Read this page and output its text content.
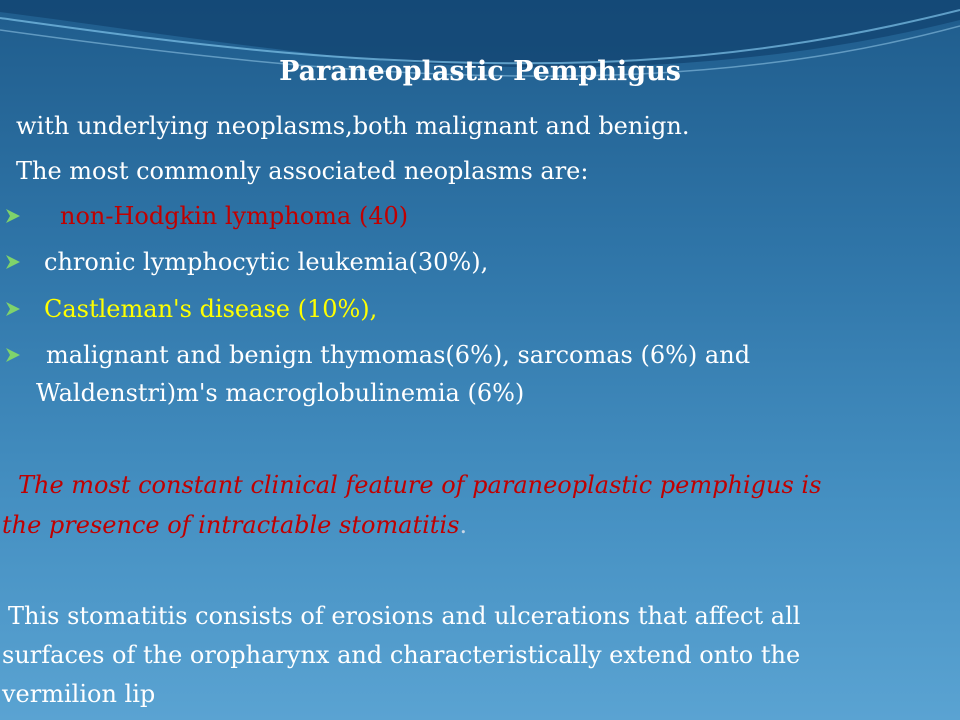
Paraneoplastic Pemphigus
with underlying neoplasms,both malignant and benign.
The most commonly associated neoplasms are:
non-Hodgkin lymphoma (40)
chronic lymphocytic leukemia(30%),
Castleman's disease (10%),
malignant and benign thymomas(6%), sarcomas (6%) and
Waldenstri)m's macroglobulinemia (6%)
The most constant clinical feature of paraneoplastic pemphigus is
the presence of intractable stomatitis.
This stomatitis consists of erosions and ulcerations that affect all
surfaces of the oropharynx and characteristically extend onto the
vermilion lip
